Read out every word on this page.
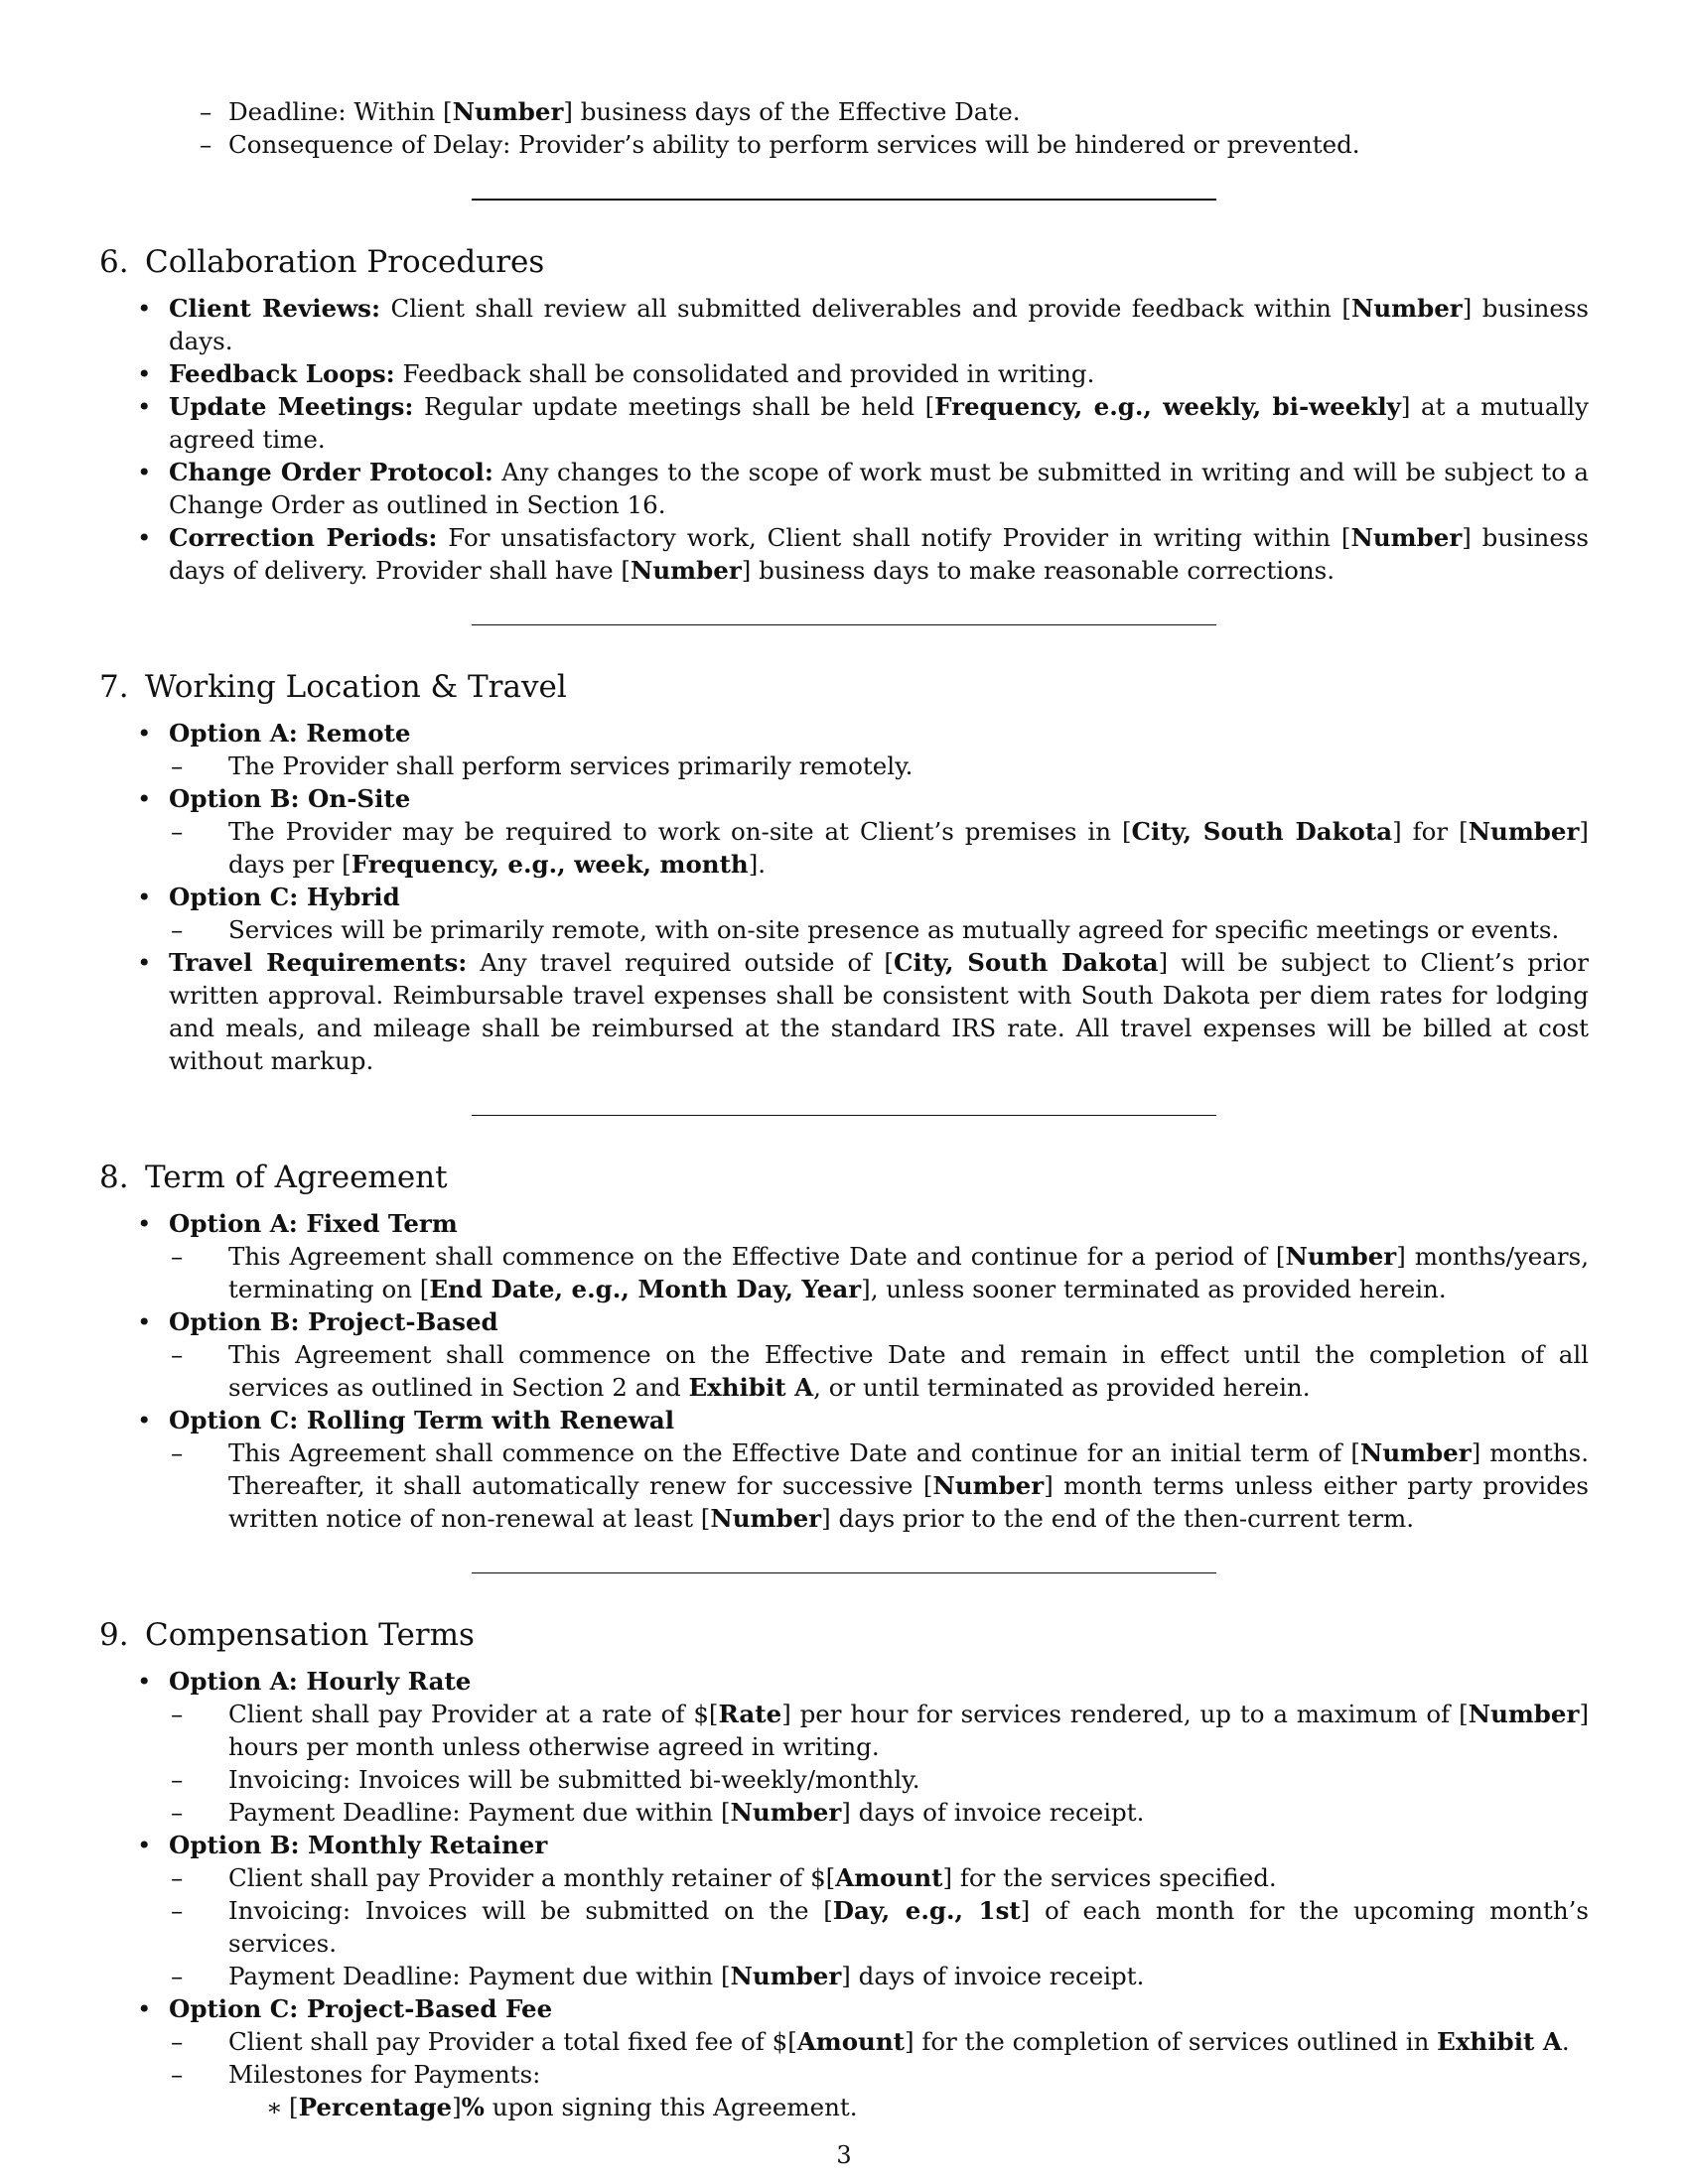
– Deadline: Within [Number] business days of the Effective Date.
– Consequence of Delay: Provider’s ability to perform services will be hindered or prevented.
6. Collaboration Procedures
• Client Reviews: Client shall review all submitted deliverables and provide feedback within [Number] business days.
• Feedback Loops: Feedback shall be consolidated and provided in writing.
• Update Meetings: Regular update meetings shall be held [Frequency, e.g., weekly, bi-weekly] at a mutually agreed time.
• Change Order Protocol: Any changes to the scope of work must be submitted in writing and will be subject to a Change Order as outlined in Section 16.
• Correction Periods: For unsatisfactory work, Client shall notify Provider in writing within [Number] business days of delivery. Provider shall have [Number] business days to make reasonable corrections.
7. Working Location & Travel
• Option A: Remote
– The Provider shall perform services primarily remotely.
• Option B: On-Site
– The Provider may be required to work on-site at Client’s premises in [City, South Dakota] for [Number] days per [Frequency, e.g., week, month].
• Option C: Hybrid
– Services will be primarily remote, with on-site presence as mutually agreed for specific meetings or events.
• Travel Requirements: Any travel required outside of [City, South Dakota] will be subject to Client’s prior written approval. Reimbursable travel expenses shall be consistent with South Dakota per diem rates for lodging and meals, and mileage shall be reimbursed at the standard IRS rate. All travel expenses will be billed at cost without markup.
8. Term of Agreement
• Option A: Fixed Term
– This Agreement shall commence on the Effective Date and continue for a period of [Number] months/years, terminating on [End Date, e.g., Month Day, Year], unless sooner terminated as provided herein.
• Option B: Project-Based
– This Agreement shall commence on the Effective Date and remain in effect until the completion of all services as outlined in Section 2 and Exhibit A, or until terminated as provided herein.
• Option C: Rolling Term with Renewal
– This Agreement shall commence on the Effective Date and continue for an initial term of [Number] months. Thereafter, it shall automatically renew for successive [Number] month terms unless either party provides written notice of non-renewal at least [Number] days prior to the end of the then-current term.
9. Compensation Terms
• Option A: Hourly Rate
– Client shall pay Provider at a rate of $[Rate] per hour for services rendered, up to a maximum of [Number] hours per month unless otherwise agreed in writing.
– Invoicing: Invoices will be submitted bi-weekly/monthly.
– Payment Deadline: Payment due within [Number] days of invoice receipt.
• Option B: Monthly Retainer
– Client shall pay Provider a monthly retainer of $[Amount] for the services specified.
– Invoicing: Invoices will be submitted on the [Day, e.g., 1st] of each month for the upcoming month’s services.
– Payment Deadline: Payment due within [Number] days of invoice receipt.
• Option C: Project-Based Fee
– Client shall pay Provider a total fixed fee of $[Amount] for the completion of services outlined in Exhibit A.
– Milestones for Payments:
∗ [Percentage]% upon signing this Agreement.
3
